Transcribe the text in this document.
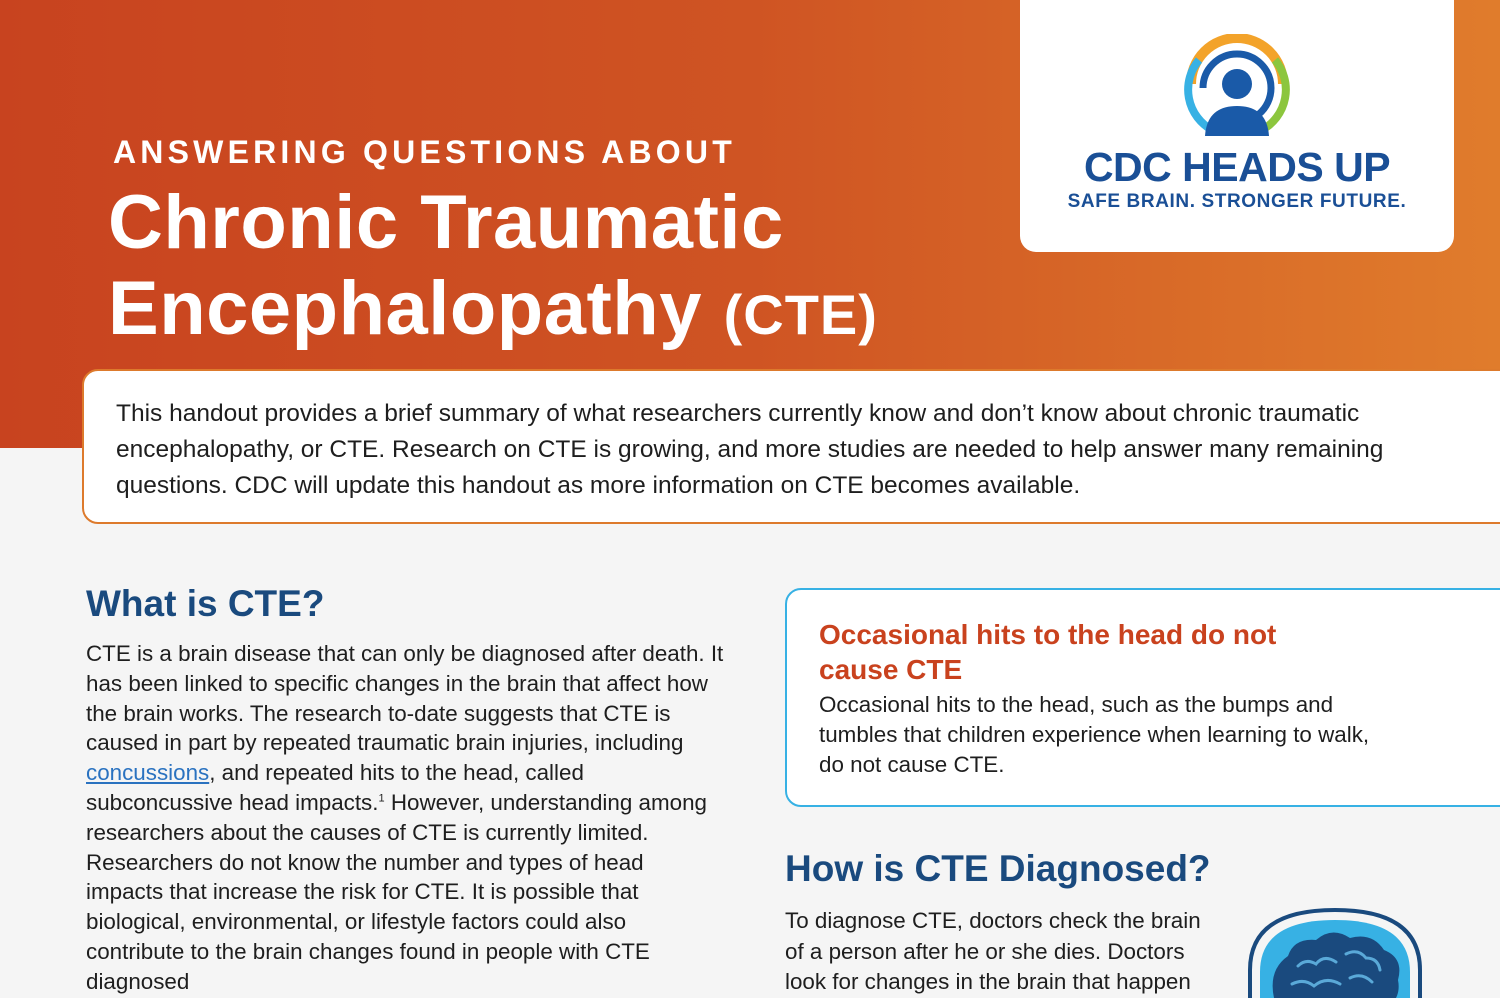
ANSWERING QUESTIONS ABOUT
Chronic Traumatic
Encephalopathy (CTE)
CDC HEADS UP
SAFE BRAIN. STRONGER FUTURE.

This handout provides a brief summary of what researchers currently know and don’t know about chronic traumatic encephalopathy, or CTE. Research on CTE is growing, and more studies are needed to help answer many remaining questions. CDC will update this handout as more information on CTE becomes available.

What is CTE?

CTE is a brain disease that can only be diagnosed after death. It has been linked to specific changes in the brain that affect how the brain works. The research to-date suggests that CTE is caused in part by repeated traumatic brain injuries, including concussions, and repeated hits to the head, called subconcussive head impacts.$^1$ However, understanding among researchers about the causes of CTE is currently limited. Researchers do not know the number and types of head impacts that increase the risk for CTE. It is possible that biological, environmental, or lifestyle factors could also contribute to the brain changes found in people with CTE diagnosed

Occasional hits to the head do not cause CTE

Occasional hits to the head, such as the bumps and tumbles that children experience when learning to walk, do not cause CTE.

How is CTE Diagnosed?

To diagnose CTE, doctors check the brain of a person after he or she dies. Doctors look for changes in the brain that happen
